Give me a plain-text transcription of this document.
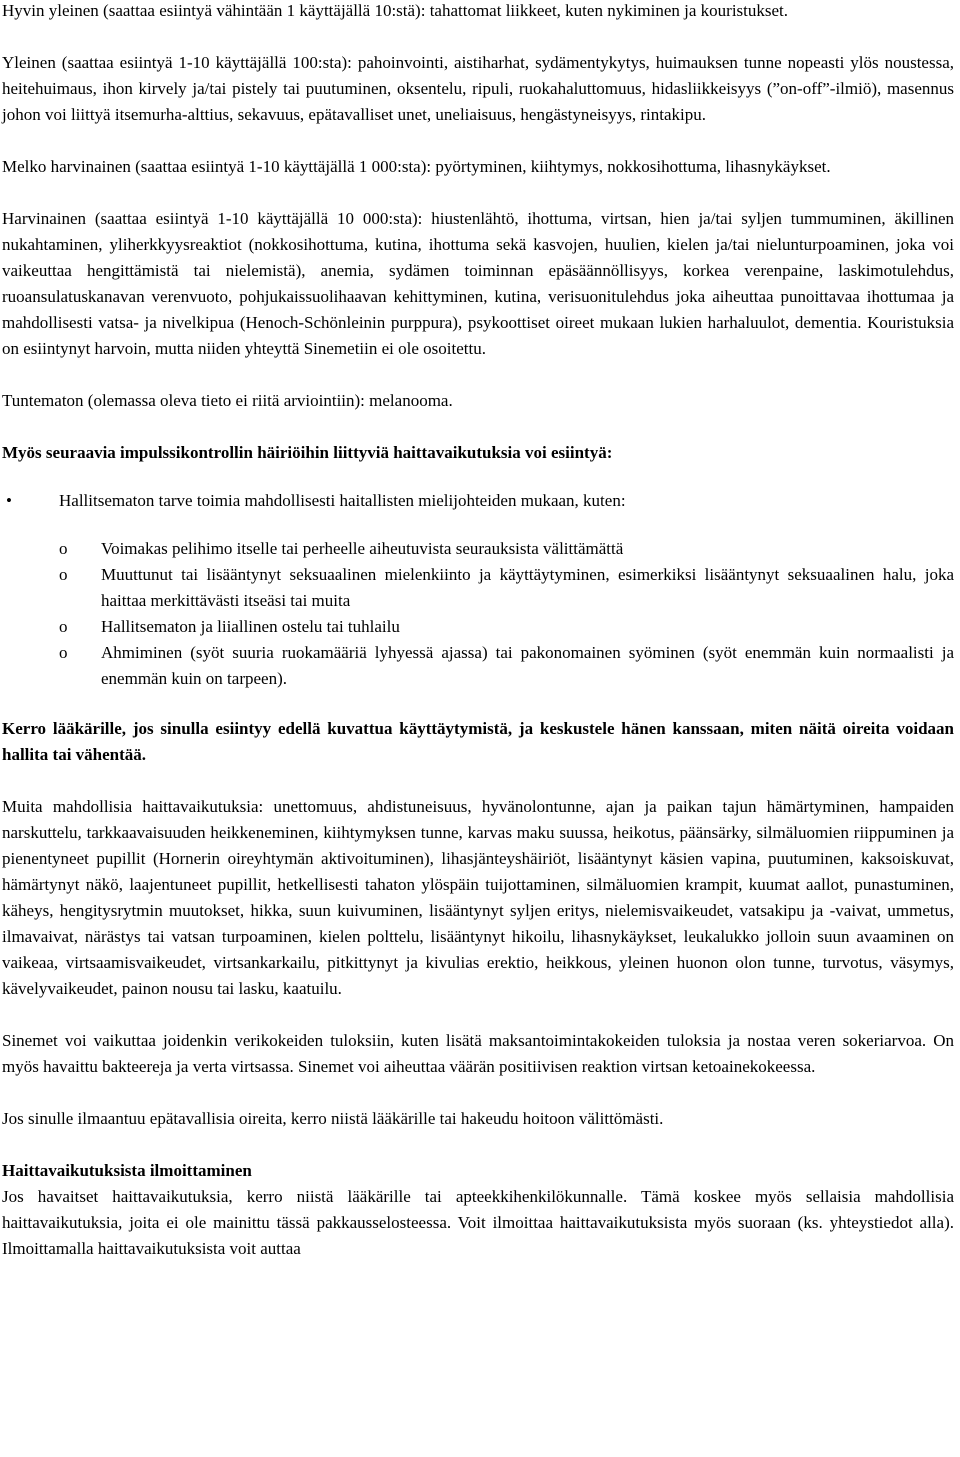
Hyvin yleinen (saattaa esiintyä vähintään 1 käyttäjällä 10:stä): tahattomat liikkeet, kuten nykiminen ja kouristukset.

Yleinen (saattaa esiintyä 1-10 käyttäjällä 100:sta): pahoinvointi, aistiharhat, sydämentykytys, huimauksen tunne nopeasti ylös noustessa, heitehuimaus, ihon kirvely ja/tai pistely tai puutuminen, oksentelu, ripuli, ruokahaluttomuus, hidasliikkeisyys (”on-off”-ilmiö), masennus johon voi liittyä itsemurha-alttius, sekavuus, epätavalliset unet, uneliaisuus, hengästyneisyys, rintakipu.

Melko harvinainen (saattaa esiintyä 1-10 käyttäjällä 1 000:sta): pyörtyminen, kiihtymys, nokkosihottuma, lihasnykäykset.

Harvinainen (saattaa esiintyä 1-10 käyttäjällä 10 000:sta): hiustenlähtö, ihottuma, virtsan, hien ja/tai syljen tummuminen, äkillinen nukahtaminen, yliherkkyysreaktiot (nokkosihottuma, kutina, ihottuma sekä kasvojen, huulien, kielen ja/tai nielunturpoaminen, joka voi vaikeuttaa hengittämistä tai nielemistä), anemia, sydämen toiminnan epäsäännöllisyys, korkea verenpaine, laskimotulehdus, ruoansulatuskanavan verenvuoto, pohjukaissuolihaavan kehittyminen, kutina, verisuonitulehdus joka aiheuttaa punoittavaa ihottumaa ja mahdollisesti vatsa- ja nivelkipua (Henoch-Schönleinin purppura), psykoottiset oireet mukaan lukien harhaluulot, dementia. Kouristuksia on esiintynyt harvoin, mutta niiden yhteyttä Sinemetiin ei ole osoitettu.

Tuntematon (olemassa oleva tieto ei riitä arviointiin): melanooma.

Myös seuraavia impulssikontrollin häiriöihin liittyviä haittavaikutuksia voi esiintyä:

• Hallitsematon tarve toimia mahdollisesti haitallisten mielijohteiden mukaan, kuten:
o Voimakas pelihimo itselle tai perheelle aiheutuvista seurauksista välittämättä
o Muuttunut tai lisääntynyt seksuaalinen mielenkiinto ja käyttäytyminen, esimerkiksi lisääntynyt seksuaalinen halu, joka haittaa merkittävästi itseäsi tai muita
o Hallitsematon ja liiallinen ostelu tai tuhlailu
o Ahmiminen (syöt suuria ruokamääriä lyhyessä ajassa) tai pakonomainen syöminen (syöt enemmän kuin normaalisti ja enemmän kuin on tarpeen).

Kerro lääkärille, jos sinulla esiintyy edellä kuvattua käyttäytymistä, ja keskustele hänen kanssaan, miten näitä oireita voidaan hallita tai vähentää.

Muita mahdollisia haittavaikutuksia: unettomuus, ahdistuneisuus, hyvänolontunne, ajan ja paikan tajun hämärtyminen, hampaiden narskuttelu, tarkkaavaisuuden heikkeneminen, kiihtymyksen tunne, karvas maku suussa, heikotus, päänsärky, silmäluomien riippuminen ja pienentyneet pupillit (Hornerin oireyhtymän aktivoituminen), lihasjänteyshäiriöt, lisääntynyt käsien vapina, puutuminen, kaksoiskuvat, hämärtynyt näkö, laajentuneet pupillit, hetkellisesti tahaton ylöspäin tuijottaminen, silmäluomien krampit, kuumat aallot, punastuminen, käheys, hengitysrytmin muutokset, hikka, suun kuivuminen, lisääntynyt syljen eritys, nielemisvaikeudet, vatsakipu ja -vaivat, ummetus, ilmavaivat, närästys tai vatsan turpoaminen, kielen polttelu, lisääntynyt hikoilu, lihasnykäykset, leukalukko jolloin suun avaaminen on vaikeaa, virtsaamisvaikeudet, virtsankarkailu, pitkittynyt ja kivulias erektio, heikkous, yleinen huonon olon tunne, turvotus, väsymys, kävelyvaikeudet, painon nousu tai lasku, kaatuilu.

Sinemet voi vaikuttaa joidenkin verikokeiden tuloksiin, kuten lisätä maksantoimintakokeiden tuloksia ja nostaa veren sokeriarvoa. On myös havaittu bakteereja ja verta virtsassa. Sinemet voi aiheuttaa väärän positiivisen reaktion virtsan ketoainekokeessa.

Jos sinulle ilmaantuu epätavallisia oireita, kerro niistä lääkärille tai hakeudu hoitoon välittömästi.

Haittavaikutuksista ilmoittaminen

Jos havaitset haittavaikutuksia, kerro niistä lääkärille tai apteekkihenkilökunnalle. Tämä koskee myös sellaisia mahdollisia haittavaikutuksia, joita ei ole mainittu tässä pakkausselosteessa. Voit ilmoittaa haittavaikutuksista myös suoraan (ks. yhteystiedot alla). Ilmoittamalla haittavaikutuksista voit auttaa
